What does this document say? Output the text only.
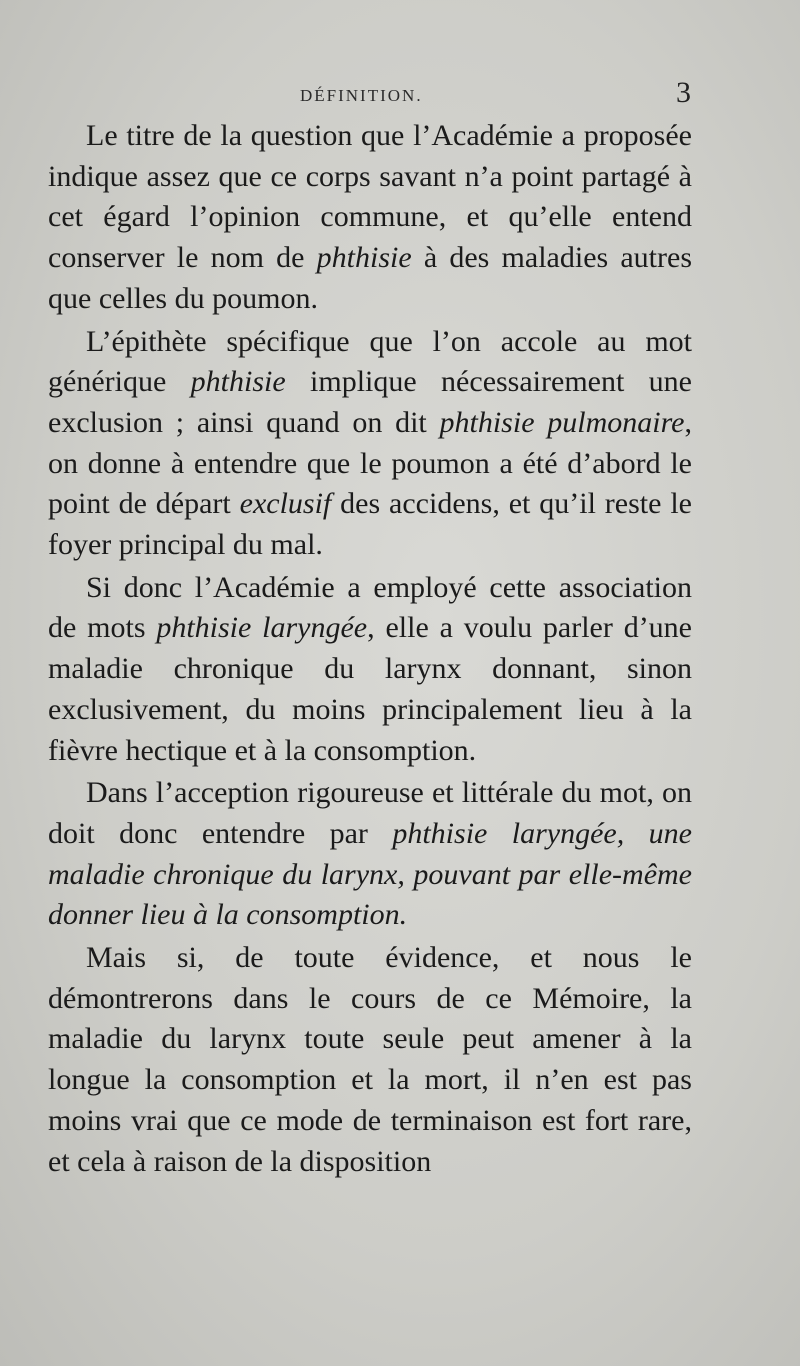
DÉFINITION.	3

Le titre de la question que l’Académie a proposée indique assez que ce corps savant n’a point partagé à cet égard l’opinion commune, et qu’elle entend conserver le nom de phthisie à des maladies autres que celles du poumon.

L’épithète spécifique que l’on accole au mot générique phthisie implique nécessairement une exclusion ; ainsi quand on dit phthisie pulmonaire, on donne à entendre que le poumon a été d’abord le point de départ exclusif des accidens, et qu’il reste le foyer principal du mal.

Si donc l’Académie a employé cette association de mots phthisie laryngée, elle a voulu parler d’une maladie chronique du larynx donnant, sinon exclusivement, du moins principalement lieu à la fièvre hectique et à la consomption.

Dans l’acception rigoureuse et littérale du mot, on doit donc entendre par phthisie laryngée, une maladie chronique du larynx, pouvant par elle-même donner lieu à la consomption.

Mais si, de toute évidence, et nous le démontrerons dans le cours de ce Mémoire, la maladie du larynx toute seule peut amener à la longue la consomption et la mort, il n’en est pas moins vrai que ce mode de terminaison est fort rare, et cela à raison de la disposition
